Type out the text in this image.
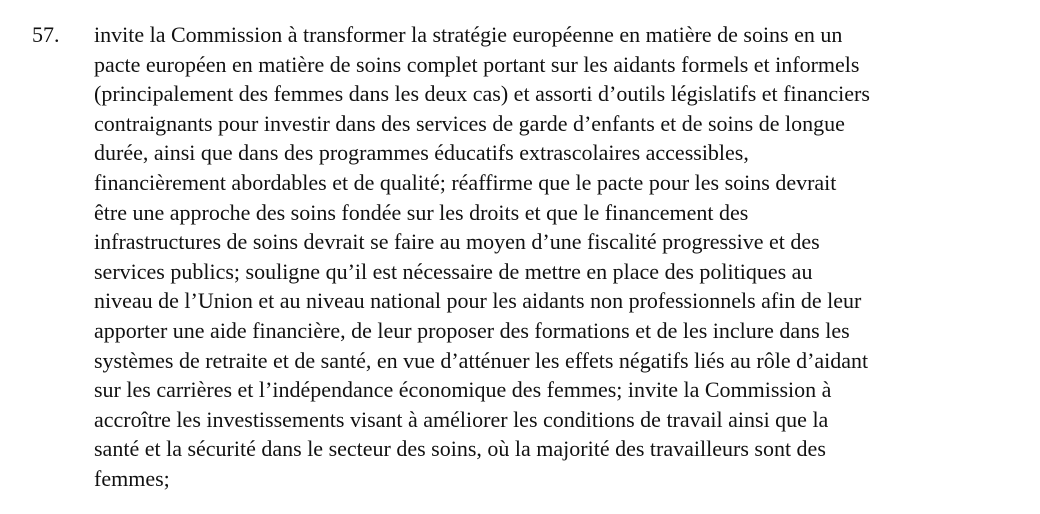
57. invite la Commission à transformer la stratégie européenne en matière de soins en un
pacte européen en matière de soins complet portant sur les aidants formels et informels
(principalement des femmes dans les deux cas) et assorti d’outils législatifs et financiers
contraignants pour investir dans des services de garde d’enfants et de soins de longue
durée, ainsi que dans des programmes éducatifs extrascolaires accessibles,
financièrement abordables et de qualité; réaffirme que le pacte pour les soins devrait
être une approche des soins fondée sur les droits et que le financement des
infrastructures de soins devrait se faire au moyen d’une fiscalité progressive et des
services publics; souligne qu’il est nécessaire de mettre en place des politiques au
niveau de l’Union et au niveau national pour les aidants non professionnels afin de leur
apporter une aide financière, de leur proposer des formations et de les inclure dans les
systèmes de retraite et de santé, en vue d’atténuer les effets négatifs liés au rôle d’aidant
sur les carrières et l’indépendance économique des femmes; invite la Commission à
accroître les investissements visant à améliorer les conditions de travail ainsi que la
santé et la sécurité dans le secteur des soins, où la majorité des travailleurs sont des
femmes;
